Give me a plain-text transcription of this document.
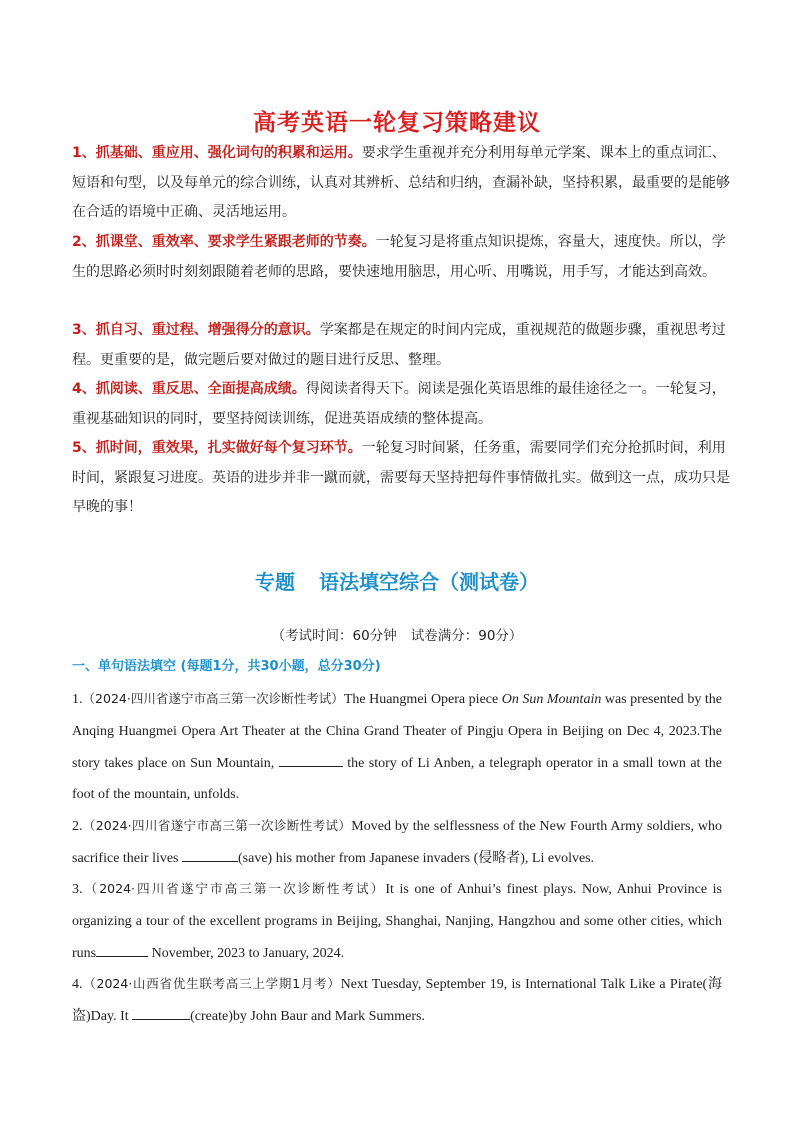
高考英语一轮复习策略建议
1、抓基础、重应用、强化词句的积累和运用。要求学生重视并充分利用每单元学案、课本上的重点词汇、短语和句型，以及每单元的综合训练，认真对其辨析、总结和归纳，查漏补缺，坚持积累，最重要的是能够在合适的语境中正确、灵活地运用。
2、抓课堂、重效率、要求学生紧跟老师的节奏。一轮复习是将重点知识提炼，容量大，速度快。所以，学生的思路必须时时刻刻跟随着老师的思路，要快速地用脑思，用心听、用嘴说，用手写，才能达到高效。
3、抓自习、重过程、增强得分的意识。学案都是在规定的时间内完成，重视规范的做题步骤，重视思考过程。更重要的是，做完题后要对做过的题目进行反思、整理。
4、抓阅读、重反思、全面提高成绩。得阅读者得天下。阅读是强化英语思维的最佳途径之一。一轮复习，重视基础知识的同时，要坚持阅读训练，促进英语成绩的整体提高。
5、抓时间，重效果，扎实做好每个复习环节。一轮复习时间紧，任务重，需要同学们充分抢抓时间，利用时间，紧跟复习进度。英语的进步并非一蹴而就，需要每天坚持把每件事情做扎实。做到这一点，成功只是早晚的事！
专题 语法填空综合（测试卷）
（考试时间：60分钟 试卷满分：90分）
一、单句语法填空 (每题1分，共30小题，总分30分)
1.（2024·四川省遂宁市高三第一次诊断性考试）The Huangmei Opera piece On Sun Mountain was presented by the Anqing Huangmei Opera Art Theater at the China Grand Theater of Pingju Opera in Beijing on Dec 4, 2023.The story takes place on Sun Mountain,	the story of Li Anben, a telegraph operator in a small town at the foot of the mountain, unfolds.
2.（2024·四川省遂宁市高三第一次诊断性考试）Moved by the selflessness of the New Fourth Army soldiers, who sacrifice their lives	(save) his mother from Japanese invaders (侵略者), Li evolves.
3.（2024·四川省遂宁市高三第一次诊断性考试）It is one of Anhui’s finest plays. Now, Anhui Province is organizing a tour of the excellent programs in Beijing, Shanghai, Nanjing, Hangzhou and some other cities, which runs	November, 2023 to January, 2024.
4.（2024·山西省优生联考高三上学期1月考）Next Tuesday, September 19, is International Talk Like a Pirate(海盗)Day. It	(create)by John Baur and Mark Summers.
